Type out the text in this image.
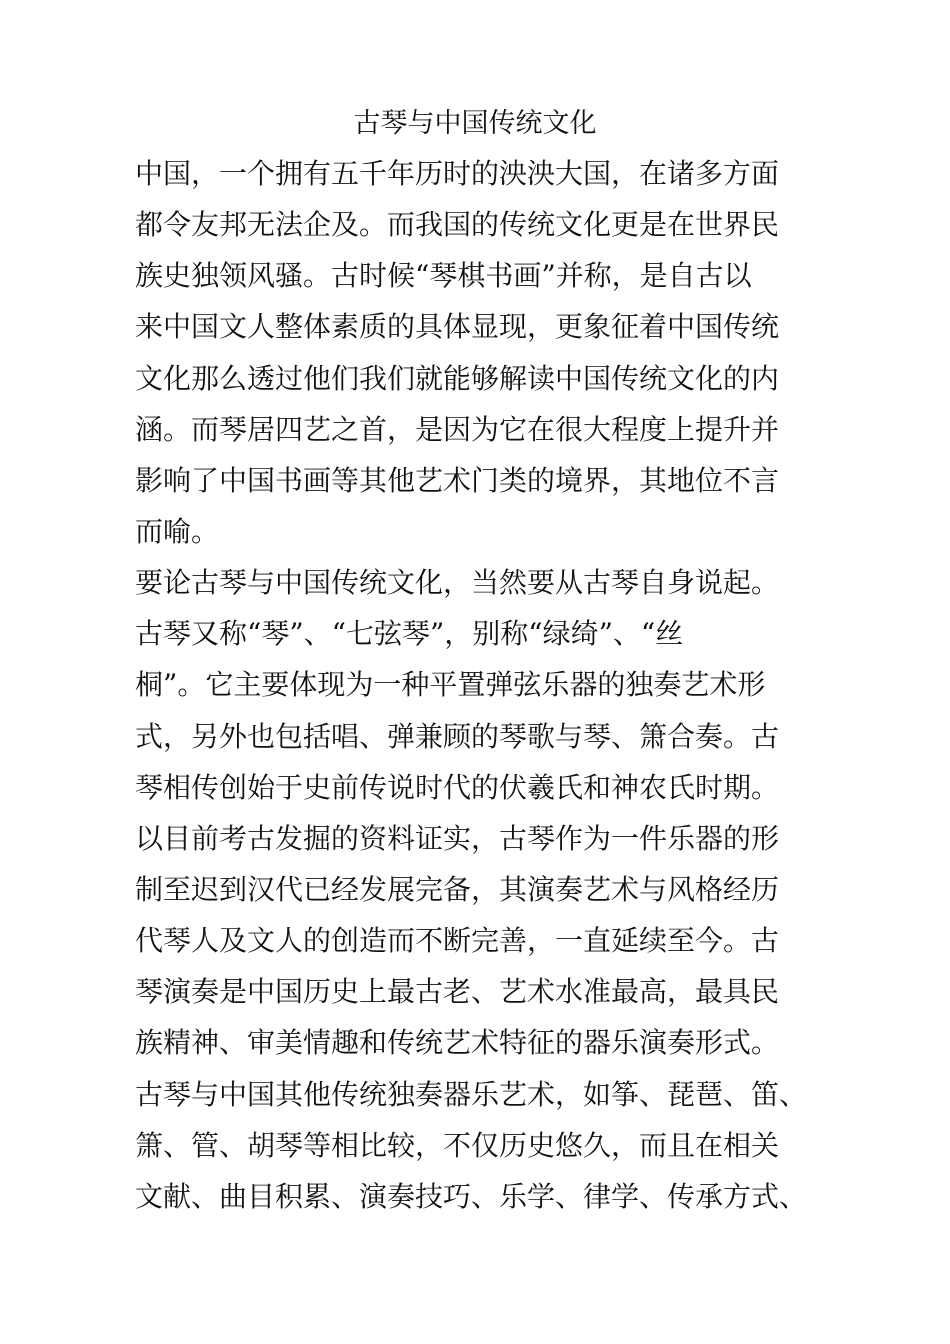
古琴与中国传统文化
中国，一个拥有五千年历时的泱泱大国，在诸多方面
都令友邦无法企及。而我国的传统文化更是在世界民
族史独领风骚。古时候“琴棋书画”并称，是自古以
来中国文人整体素质的具体显现，更象征着中国传统
文化那么透过他们我们就能够解读中国传统文化的内
涵。而琴居四艺之首，是因为它在很大程度上提升并
影响了中国书画等其他艺术门类的境界，其地位不言
而喻。
要论古琴与中国传统文化，当然要从古琴自身说起。
古琴又称“琴”、“七弦琴”，别称“绿绮”、“丝
桐”。它主要体现为一种平置弹弦乐器的独奏艺术形
式，另外也包括唱、弹兼顾的琴歌与琴、箫合奏。古
琴相传创始于史前传说时代的伏羲氏和神农氏时期。
以目前考古发掘的资料证实，古琴作为一件乐器的形
制至迟到汉代已经发展完备，其演奏艺术与风格经历
代琴人及文人的创造而不断完善，一直延续至今。古
琴演奏是中国历史上最古老、艺术水准最高，最具民
族精神、审美情趣和传统艺术特征的器乐演奏形式。
古琴与中国其他传统独奏器乐艺术，如筝、琵琶、笛、
箫、管、胡琴等相比较，不仅历史悠久，而且在相关
文献、曲目积累、演奏技巧、乐学、律学、传承方式、
